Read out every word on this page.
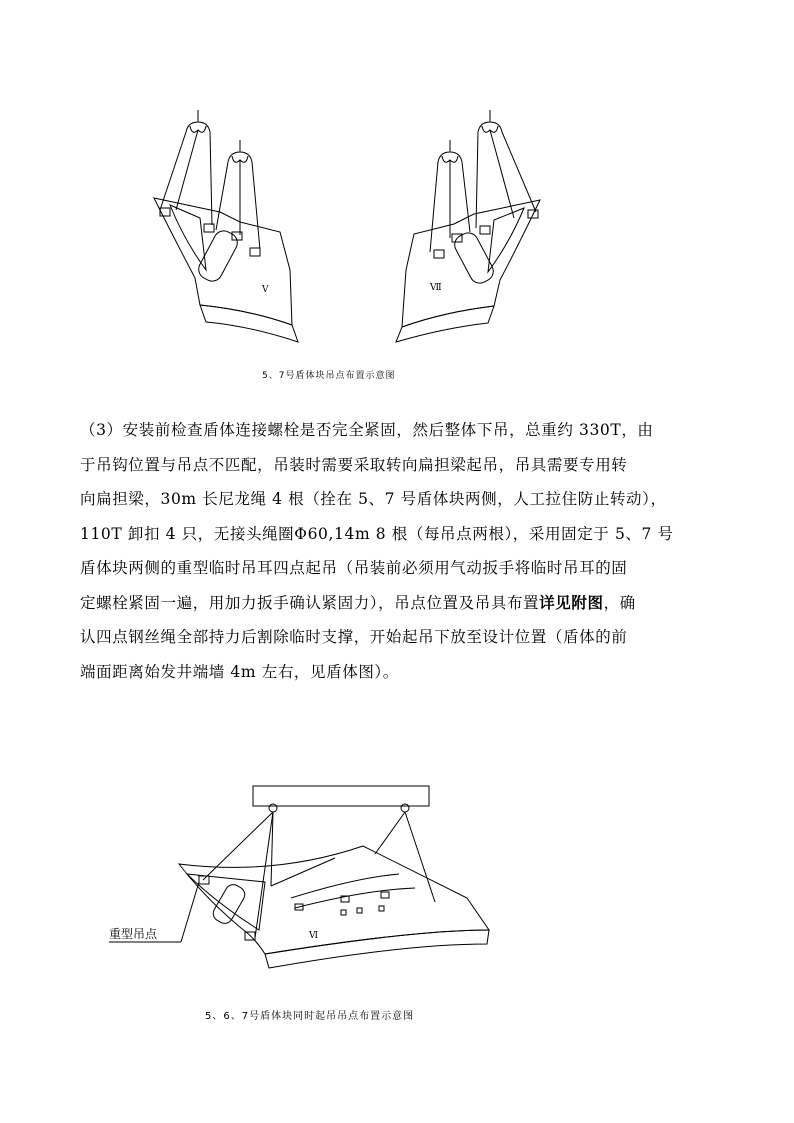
V	Ⅶ
5、7号盾体块吊点布置示意图
（3）安装前检查盾体连接螺栓是否完全紧固，然后整体下吊，总重约 330T，由
于吊钩位置与吊点不匹配，吊装时需要采取转向扁担梁起吊，吊具需要专用转
向扁担梁，30m 长尼龙绳 4 根（拴在 5、7 号盾体块两侧，人工拉住防止转动），
110T 卸扣 4 只，无接头绳圈Φ60,14m 8 根（每吊点两根），采用固定于 5、7 号
盾体块两侧的重型临时吊耳四点起吊（吊装前必须用气动扳手将临时吊耳的固
定螺栓紧固一遍，用加力扳手确认紧固力），吊点位置及吊具布置详见附图，确
认四点钢丝绳全部持力后割除临时支撑，开始起吊下放至设计位置（盾体的前
端面距离始发井端墙 4m 左右，见盾体图）。
Ⅵ
重型吊点
5、6、7号盾体块同时起吊吊点布置示意图
